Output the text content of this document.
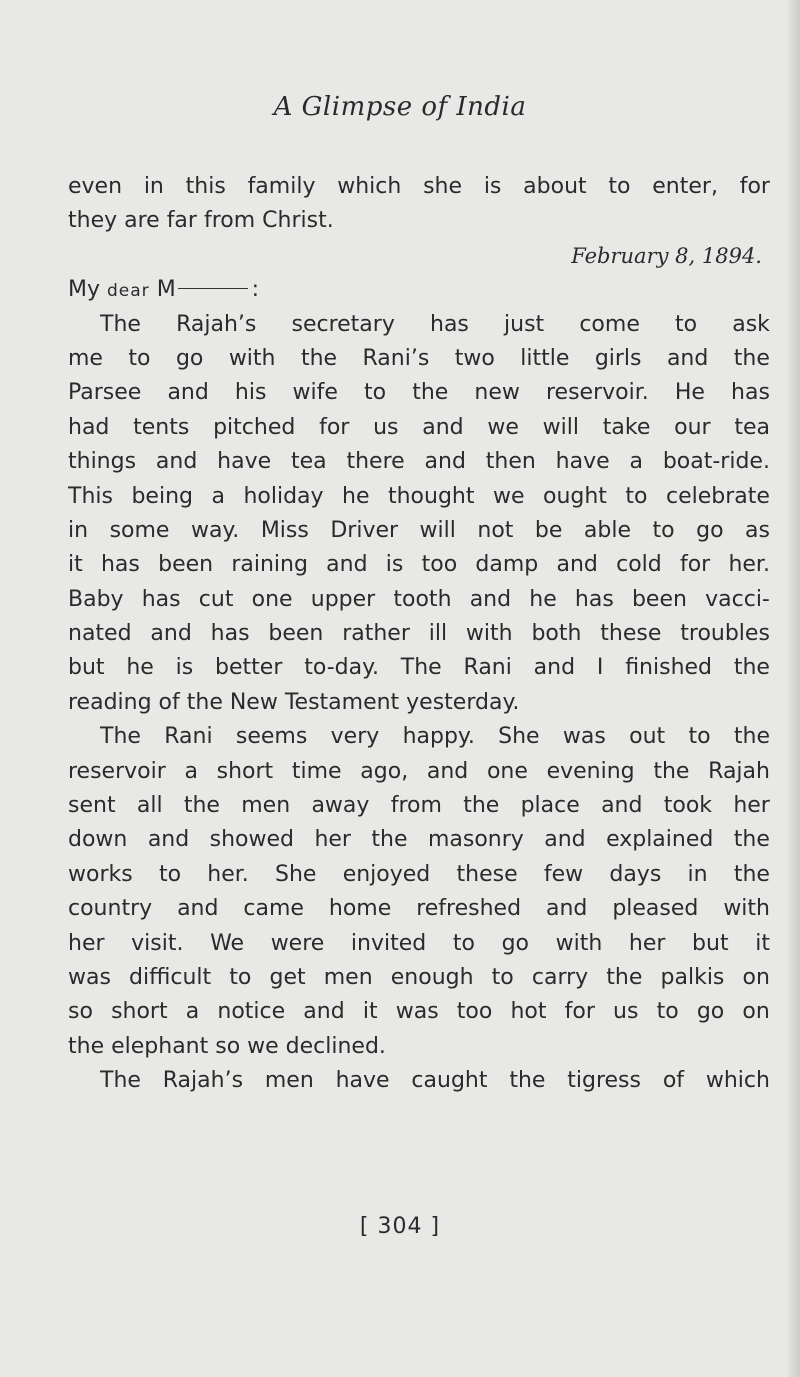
A Glimpse of India
even in this family which she is about to enter, for
they are far from Christ.
February 8, 1894.
My dear M	:
The Rajah’s secretary has just come to ask
me to go with the Rani’s two little girls and the
Parsee and his wife to the new reservoir. He has
had tents pitched for us and we will take our tea
things and have tea there and then have a boat-ride.
This being a holiday he thought we ought to celebrate
in some way. Miss Driver will not be able to go as
it has been raining and is too damp and cold for her.
Baby has cut one upper tooth and he has been vacci-
nated and has been rather ill with both these troubles
but he is better to-day. The Rani and I finished the
reading of the New Testament yesterday.
The Rani seems very happy. She was out to the
reservoir a short time ago, and one evening the Rajah
sent all the men away from the place and took her
down and showed her the masonry and explained the
works to her. She enjoyed these few days in the
country and came home refreshed and pleased with
her visit. We were invited to go with her but it
was difficult to get men enough to carry the palkis on
so short a notice and it was too hot for us to go on
the elephant so we declined.
The Rajah’s men have caught the tigress of which
[ 304 ]
